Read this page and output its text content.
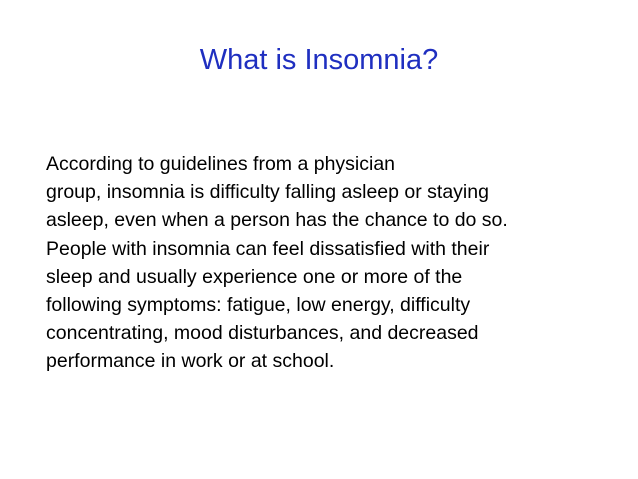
What is Insomnia?

According to guidelines from a physician
group, insomnia is difficulty falling asleep or staying
asleep, even when a person has the chance to do so.
People with insomnia can feel dissatisfied with their
sleep and usually experience one or more of the
following symptoms: fatigue, low energy, difficulty
concentrating, mood disturbances, and decreased
performance in work or at school.
